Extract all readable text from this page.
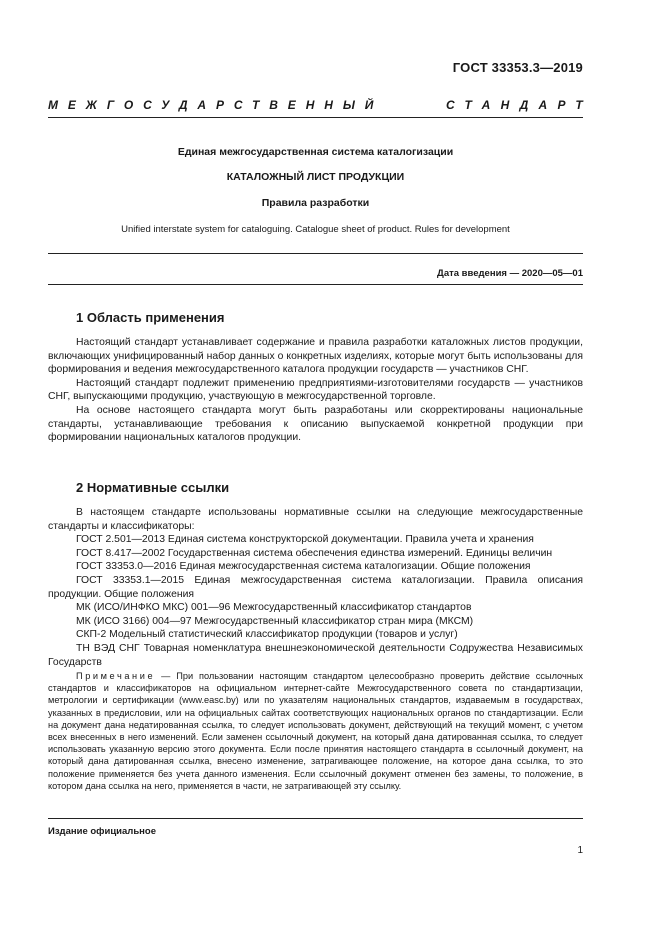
ГОСТ 33353.3—2019
МЕЖГОСУДАРСТВЕННЫЙ	СТАНДАРТ
Единая межгосударственная система каталогизации
КАТАЛОЖНЫЙ ЛИСТ ПРОДУКЦИИ
Правила разработки
Unified interstate system for cataloguing. Catalogue sheet of product. Rules for development
Дата введения — 2020—05—01
1 Область применения

Настоящий стандарт устанавливает содержание и правила разработки каталожных листов продукции, включающих унифицированный набор данных о конкретных изделиях, которые могут быть использованы для формирования и ведения межгосударственного каталога продукции государств — участников СНГ.

Настоящий стандарт подлежит применению предприятиями-изготовителями государств — участников СНГ, выпускающими продукцию, участвующую в межгосударственной торговле.

На основе настоящего стандарта могут быть разработаны или скорректированы национальные стандарты, устанавливающие требования к описанию выпускаемой конкретной продукции при формировании национальных каталогов продукции.

2 Нормативные ссылки

В настоящем стандарте использованы нормативные ссылки на следующие межгосударственные стандарты и классификаторы:

ГОСТ 2.501—2013 Единая система конструкторской документации. Правила учета и хранения

ГОСТ 8.417—2002 Государственная система обеспечения единства измерений. Единицы величин

ГОСТ 33353.0—2016 Единая межгосударственная система каталогизации. Общие положения

ГОСТ 33353.1—2015 Единая межгосударственная система каталогизации. Правила описания продукции. Общие положения

МК (ИСО/ИНФКО МКС) 001—96 Межгосударственный классификатор стандартов

МК (ИСО 3166) 004—97 Межгосударственный классификатор стран мира (МКСМ)

СКП-2 Модельный статистический классификатор продукции (товаров и услуг)

ТН ВЭД СНГ Товарная номенклатура внешнеэкономической деятельности Содружества Независимых Государств

Примечание — При пользовании настоящим стандартом целесообразно проверить действие ссылочных стандартов и классификаторов на официальном интернет-сайте Межгосударственного совета по стандартизации, метрологии и сертификации (www.easc.by) или по указателям национальных стандартов, издаваемым в государствах, указанных в предисловии, или на официальных сайтах соответствующих национальных органов по стандартизации. Если на документ дана недатированная ссылка, то следует использовать документ, действующий на текущий момент, с учетом всех внесенных в него изменений. Если заменен ссылочный документ, на который дана датированная ссылка, то следует использовать указанную версию этого документа. Если после принятия настоящего стандарта в ссылочный документ, на который дана датированная ссылка, внесено изменение, затрагивающее положение, на которое дана ссылка, то это положение применяется без учета данного изменения. Если ссылочный документ отменен без замены, то положение, в котором дана ссылка на него, применяется в части, не затрагивающей эту ссылку.

Издание официальное
1
